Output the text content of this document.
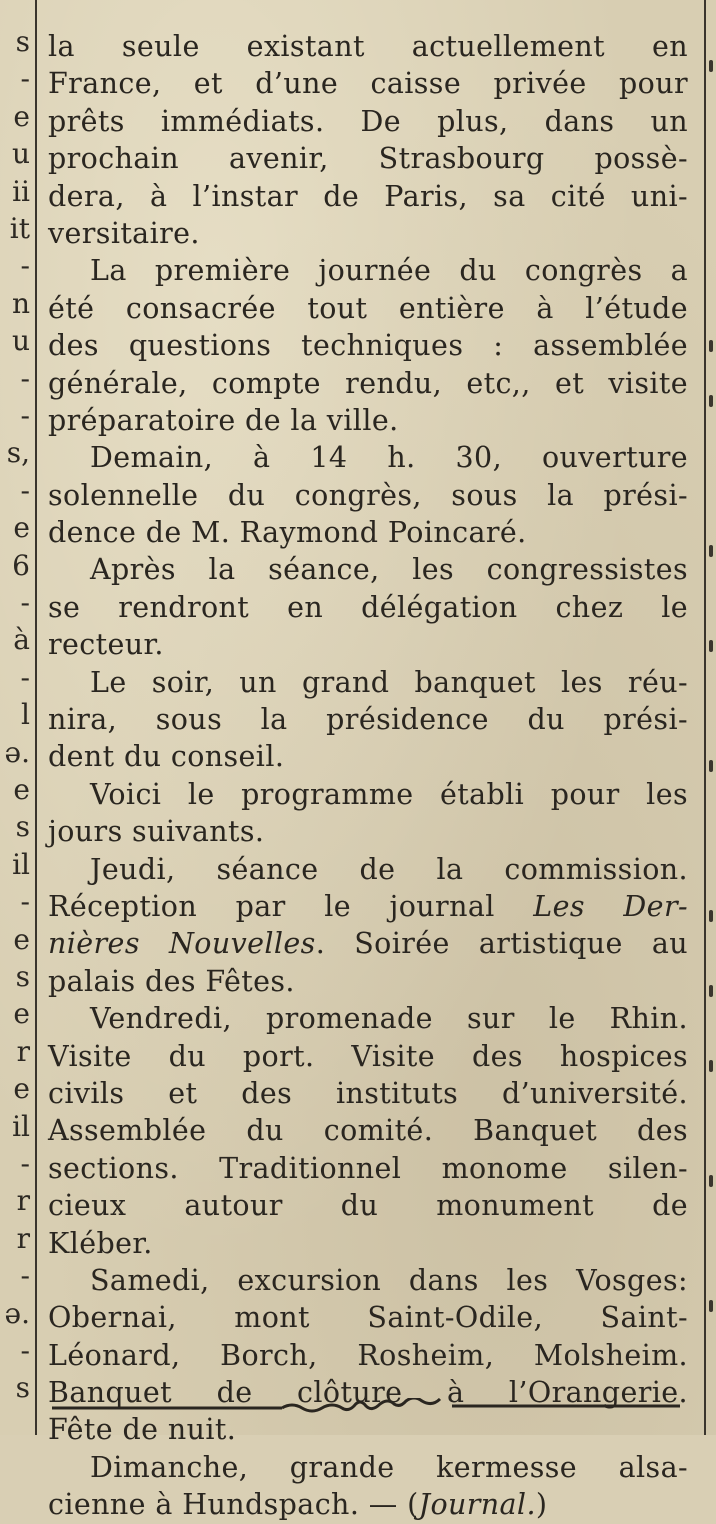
s
-
e
u
ii
it
-
n
u
-
-
s,
-
e
6
-
à
-
l
ə.
e
s
il
-
e
s
e
r
e
il
-
r
r
-
ə.
-
s
la seule existant actuellement en
France, et d’une caisse privée pour
prêts immédiats. De plus, dans un
prochain avenir, Strasbourg possè-
dera, à l’instar de Paris, sa cité uni-
versitaire.
La première journée du congrès a
été consacrée tout entière à l’étude
des questions techniques : assemblée
générale, compte rendu, etc,, et visite
préparatoire de la ville.
Demain, à 14 h. 30, ouverture
solennelle du congrès, sous la prési-
dence de M. Raymond Poincaré.
Après la séance, les congressistes
se rendront en délégation chez le
recteur.
Le soir, un grand banquet les réu-
nira, sous la présidence du prési-
dent du conseil.
Voici le programme établi pour les
jours suivants.
Jeudi, séance de la commission.
Réception par le journal Les Der-
nières Nouvelles. Soirée artistique au
palais des Fêtes.
Vendredi, promenade sur le Rhin.
Visite du port. Visite des hospices
civils et des instituts d’université.
Assemblée du comité. Banquet des
sections. Traditionnel monome silen-
cieux autour du monument de
Kléber.
Samedi, excursion dans les Vosges:
Obernai, mont Saint-Odile, Saint-
Léonard, Borch, Rosheim, Molsheim.
Banquet de clôture à l’Orangerie.
Fête de nuit.
Dimanche, grande kermesse alsa-
cienne à Hundspach. — (Journal.)
